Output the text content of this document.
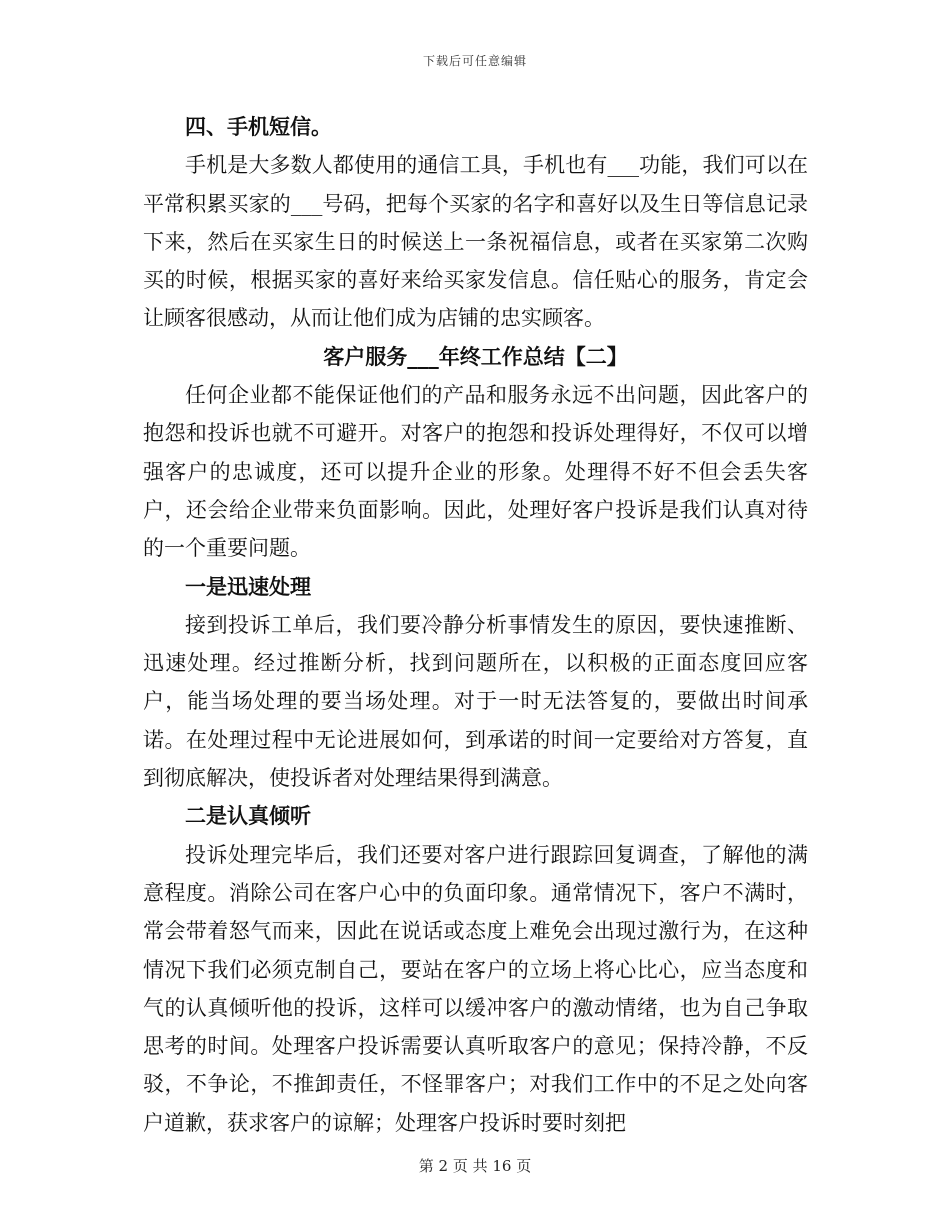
下载后可任意编辑

四、手机短信。

手机是大多数人都使用的通信工具，手机也有___功能，我们可以在平常积累买家的___号码，把每个买家的名字和喜好以及生日等信息记录下来，然后在买家生日的时候送上一条祝福信息，或者在买家第二次购买的时候，根据买家的喜好来给买家发信息。信任贴心的服务，肯定会让顾客很感动，从而让他们成为店铺的忠实顾客。

客户服务___年终工作总结【二】

任何企业都不能保证他们的产品和服务永远不出问题，因此客户的抱怨和投诉也就不可避开。对客户的抱怨和投诉处理得好，不仅可以增强客户的忠诚度，还可以提升企业的形象。处理得不好不但会丢失客户，还会给企业带来负面影响。因此，处理好客户投诉是我们认真对待的一个重要问题。

一是迅速处理

接到投诉工单后，我们要冷静分析事情发生的原因，要快速推断、迅速处理。经过推断分析，找到问题所在，以积极的正面态度回应客户，能当场处理的要当场处理。对于一时无法答复的，要做出时间承诺。在处理过程中无论进展如何，到承诺的时间一定要给对方答复，直到彻底解决，使投诉者对处理结果得到满意。

二是认真倾听

投诉处理完毕后，我们还要对客户进行跟踪回复调查，了解他的满意程度。消除公司在客户心中的负面印象。通常情况下，客户不满时，常会带着怒气而来，因此在说话或态度上难免会出现过激行为，在这种情况下我们必须克制自己，要站在客户的立场上将心比心，应当态度和气的认真倾听他的投诉，这样可以缓冲客户的激动情绪，也为自己争取思考的时间。处理客户投诉需要认真听取客户的意见；保持冷静，不反驳，不争论，不推卸责任，不怪罪客户；对我们工作中的不足之处向客户道歉，获求客户的谅解；处理客户投诉时要时刻把

第 2 页 共 16 页
